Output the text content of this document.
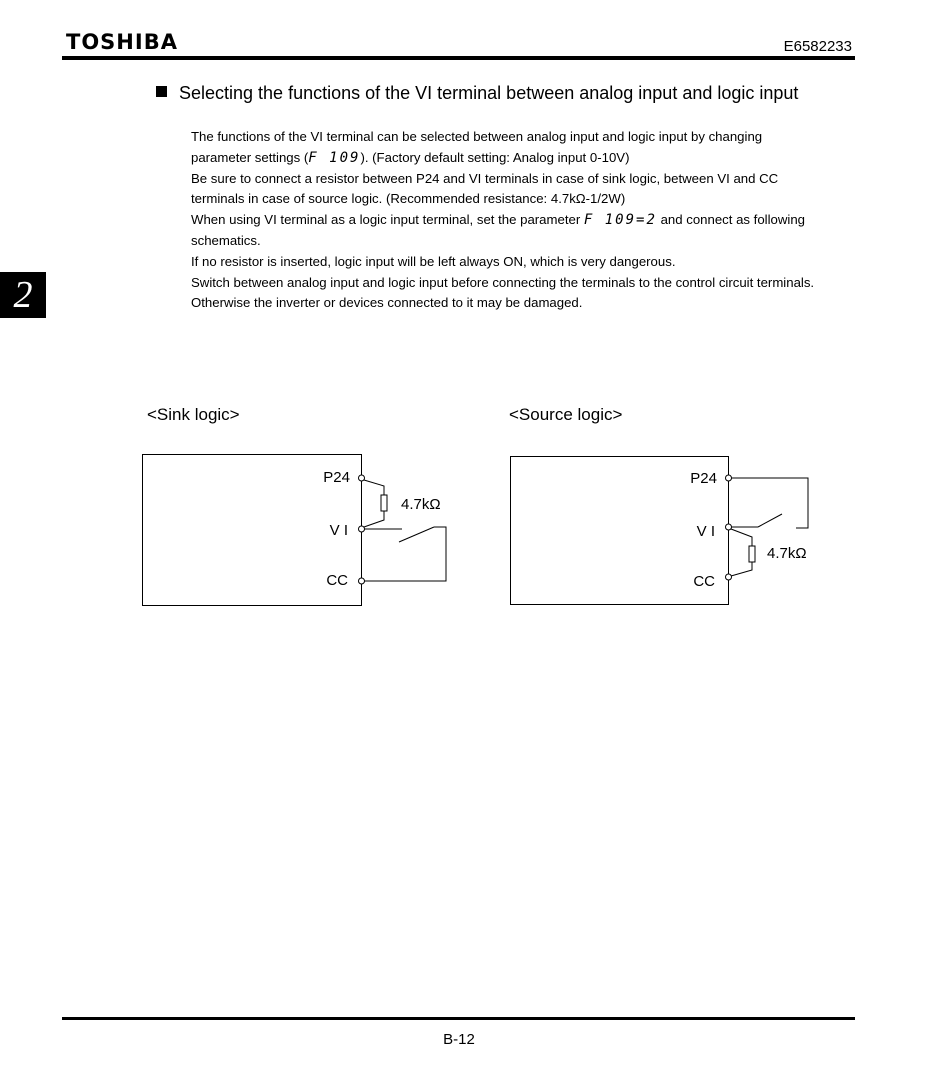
TOSHIBA	E6582233
2
Selecting the functions of the VI terminal between analog input and logic input

The functions of the VI terminal can be selected between analog input and logic input by changing

parameter settings (F 109). (Factory default setting: Analog input 0-10V)

Be sure to connect a resistor between P24 and VI terminals in case of sink logic, between VI and CC

terminals in case of source logic. (Recommended resistance: 4.7kΩ-1/2W)

When using VI terminal as a logic input terminal, set the parameter F 109=2 and connect as following

schematics.

If no resistor is inserted, logic input will be left always ON, which is very dangerous.

Switch between analog input and logic input before connecting the terminals to the control circuit terminals.

Otherwise the inverter or devices connected to it may be damaged.

<Sink logic>
P24
V I
CC
4.7kΩ
<Source logic>
P24
V I
CC
4.7kΩ
B-12
